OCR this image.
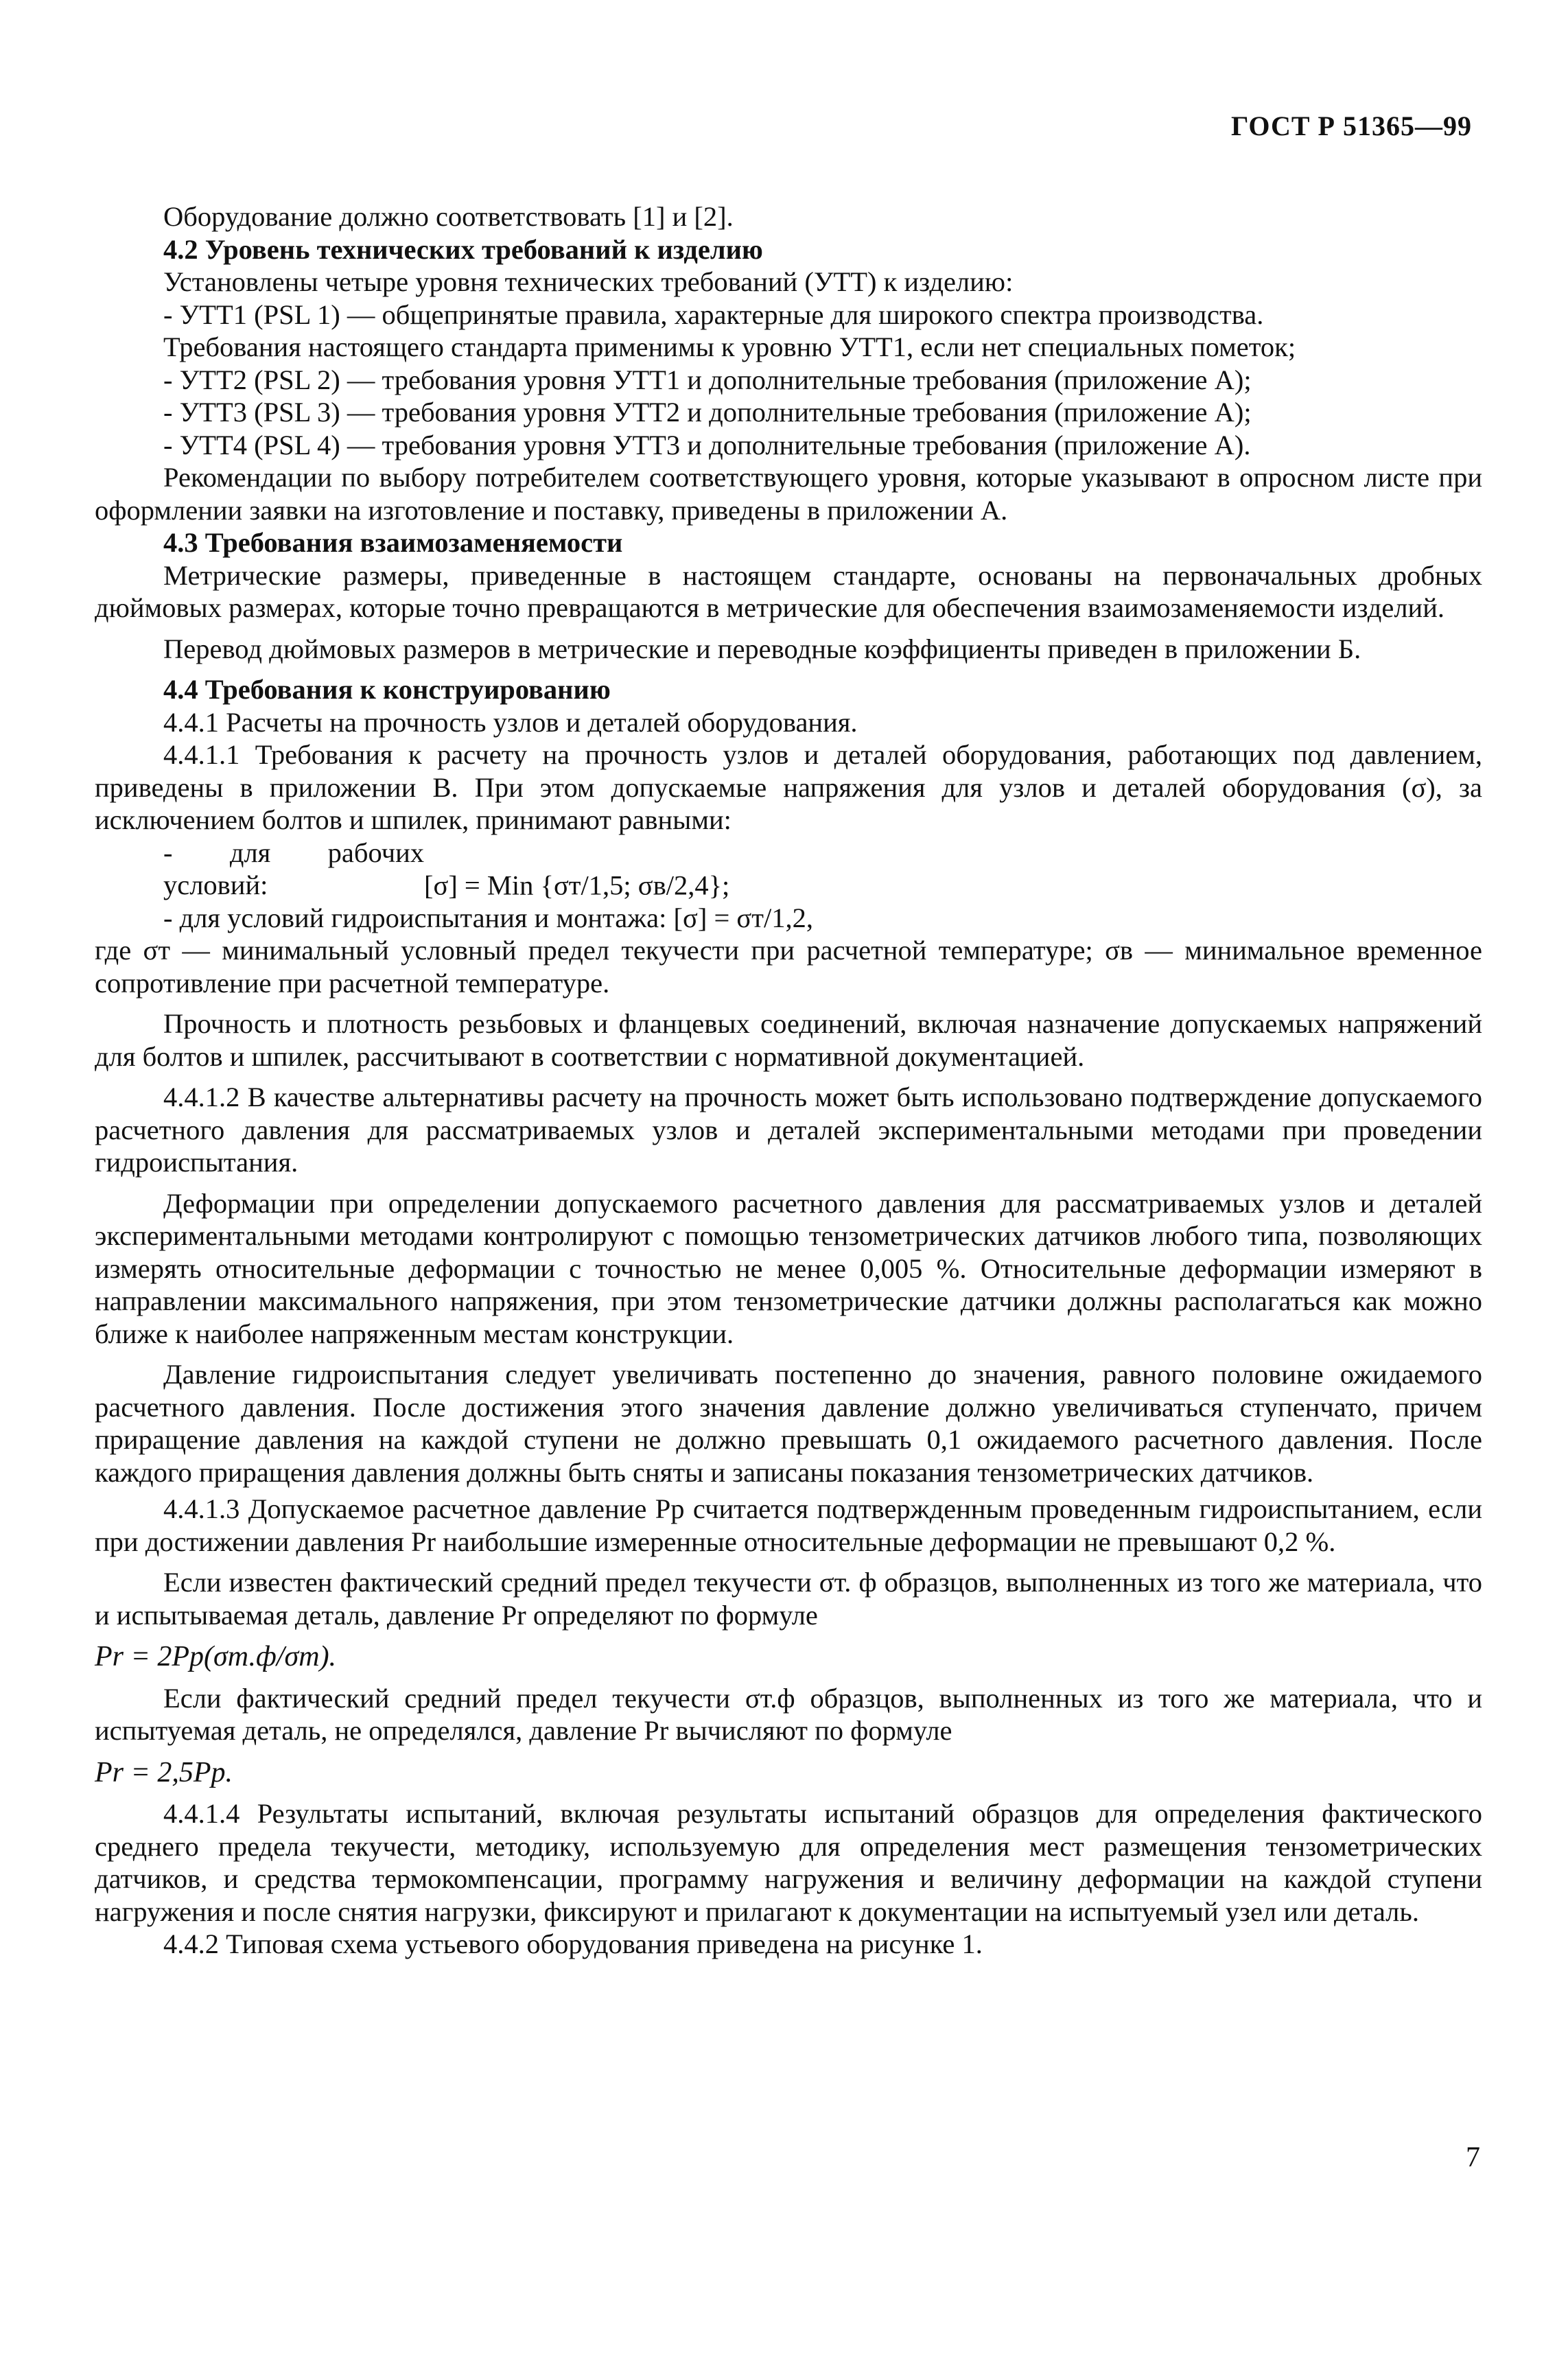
ГОСТ Р 51365—99

Оборудование должно соответствовать [1] и [2].

4.2 Уровень технических требований к изделию

Установлены четыре уровня технических требований (УТТ) к изделию:

- УТТ1 (PSL 1) — общепринятые правила, характерные для широкого спектра производства.

Требования настоящего стандарта применимы к уровню УТТ1, если нет специальных пометок;

- УТТ2 (PSL 2) — требования уровня УТТ1 и дополнительные требования (приложение А);

- УТТ3 (PSL 3) — требования уровня УТТ2 и дополнительные требования (приложение А);

- УТТ4 (PSL 4) — требования уровня УТТ3 и дополнительные требования (приложение А).

Рекомендации по выбору потребителем соответствующего уровня, которые указывают в опросном листе при оформлении заявки на изготовление и поставку, приведены в приложении А.

4.3 Требования взаимозаменяемости

Метрические размеры, приведенные в настоящем стандарте, основаны на первоначальных дробных дюймовых размерах, которые точно превращаются в метрические для обеспечения взаимозаменяемости изделий.

Перевод дюймовых размеров в метрические и переводные коэффициенты приведен в приложении Б.

4.4 Требования к конструированию

4.4.1 Расчеты на прочность узлов и деталей оборудования.

4.4.1.1 Требования к расчету на прочность узлов и деталей оборудования, работающих под давлением, приведены в приложении В. При этом допускаемые напряжения для узлов и деталей оборудования (σ), за исключением болтов и шпилек, принимают равными:

- для рабочих условий:	[σ] = Min {σт/1,5; σв/2,4};

- для условий гидроиспытания и монтажа: [σ] = σт/1,2,

где σт — минимальный условный предел текучести при расчетной температуре; σв — минимальное временное сопротивление при расчетной температуре.

Прочность и плотность резьбовых и фланцевых соединений, включая назначение допускаемых напряжений для болтов и шпилек, рассчитывают в соответствии с нормативной документацией.

4.4.1.2 В качестве альтернативы расчету на прочность может быть использовано подтверждение допускаемого расчетного давления для рассматриваемых узлов и деталей экспериментальными методами при проведении гидроиспытания.

Деформации при определении допускаемого расчетного давления для рассматриваемых узлов и деталей экспериментальными методами контролируют с помощью тензометрических датчиков любого типа, позволяющих измерять относительные деформации с точностью не менее 0,005 %. Относительные деформации измеряют в направлении максимального напряжения, при этом тензометрические датчики должны располагаться как можно ближе к наиболее напряженным местам конструкции.

Давление гидроиспытания следует увеличивать постепенно до значения, равного половине ожидаемого расчетного давления. После достижения этого значения давление должно увеличиваться ступенчато, причем приращение давления на каждой ступени не должно превышать 0,1 ожидаемого расчетного давления. После каждого приращения давления должны быть сняты и записаны показания тензометрических датчиков.

4.4.1.3 Допускаемое расчетное давление Pр считается подтвержденным проведенным гидроиспытанием, если при достижении давления Pr наибольшие измеренные относительные деформации не превышают 0,2 %.

Если известен фактический средний предел текучести σт. ф образцов, выполненных из того же материала, что и испытываемая деталь, давление Pr определяют по формуле

Pr = 2Pр(σт.ф/σт).

Если фактический средний предел текучести σт.ф образцов, выполненных из того же материала, что и испытуемая деталь, не определялся, давление Pr вычисляют по формуле

Pr = 2,5Pр.

4.4.1.4 Результаты испытаний, включая результаты испытаний образцов для определения фактического среднего предела текучести, методику, используемую для определения мест размещения тензометрических датчиков, и средства термокомпенсации, программу нагружения и величину деформации на каждой ступени нагружения и после снятия нагрузки, фиксируют и прилагают к документации на испытуемый узел или деталь.

4.4.2 Типовая схема устьевого оборудования приведена на рисунке 1.

7
